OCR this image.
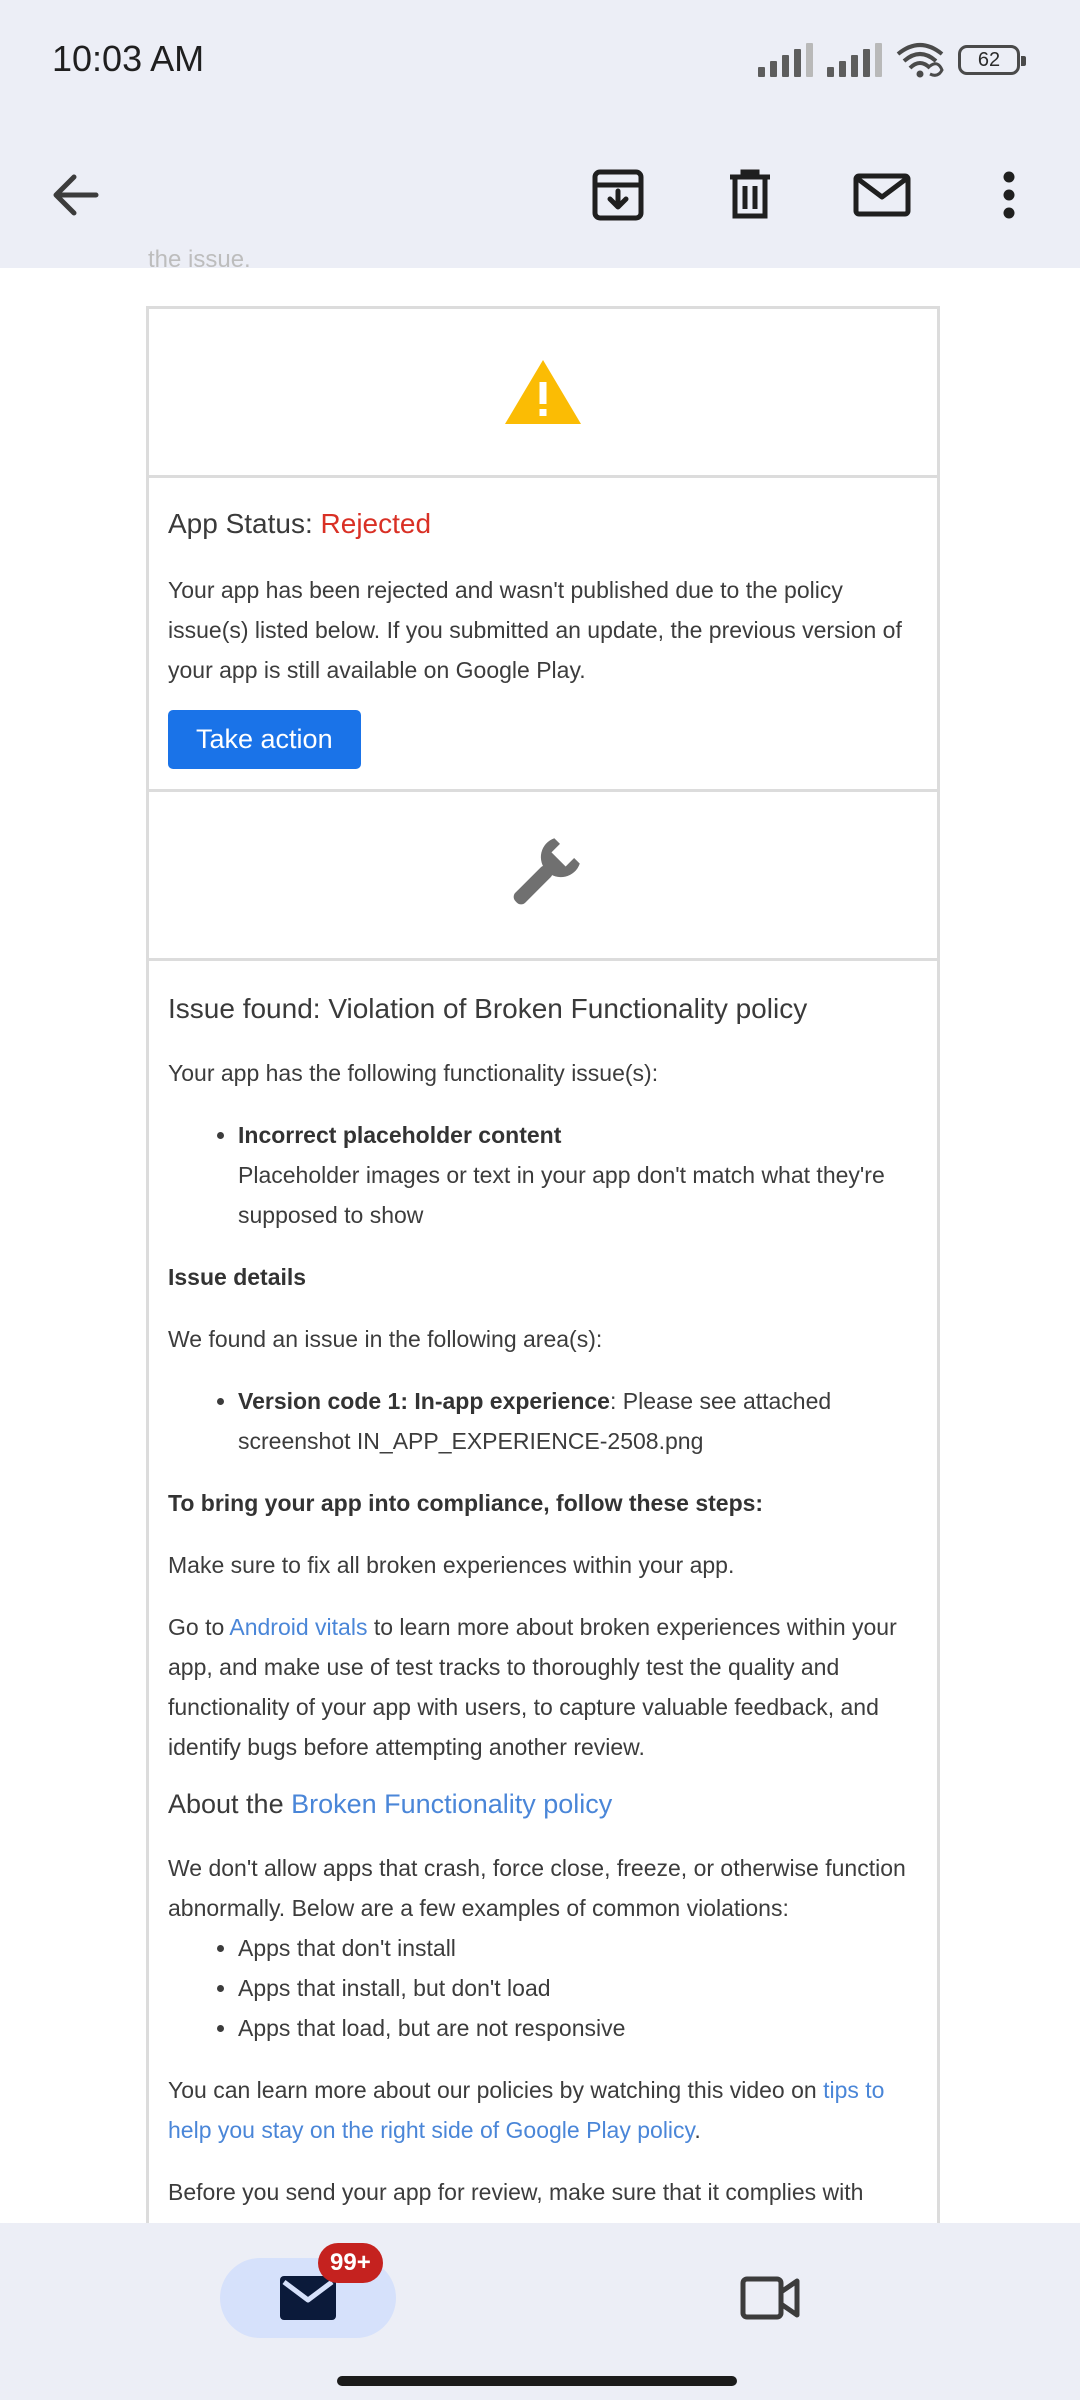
10:03 AM	62
the issue.
App Status: Rejected

Your app has been rejected and wasn't published due to the policy issue(s) listed below. If you submitted an update, the previous version of your app is still available on Google Play.

Take action
Issue found: Violation of Broken Functionality policy

Your app has the following functionality issue(s):

• Incorrect placeholder content
Placeholder images or text in your app don't match what they're supposed to show

Issue details

We found an issue in the following area(s):

• Version code 1: In-app experience: Please see attached screenshot IN_APP_EXPERIENCE-2508.png

To bring your app into compliance, follow these steps:

Make sure to fix all broken experiences within your app.

Go to Android vitals to learn more about broken experiences within your app, and make use of test tracks to thoroughly test the quality and functionality of your app with users, to capture valuable feedback, and identify bugs before attempting another review.

About the Broken Functionality policy

We don't allow apps that crash, force close, freeze, or otherwise function abnormally. Below are a few examples of common violations:

• Apps that don't install
• Apps that install, but don't load
• Apps that load, but are not responsive

You can learn more about our policies by watching this video on tips to help you stay on the right side of Google Play policy.

Before you send your app for review, make sure that it complies with

99+
